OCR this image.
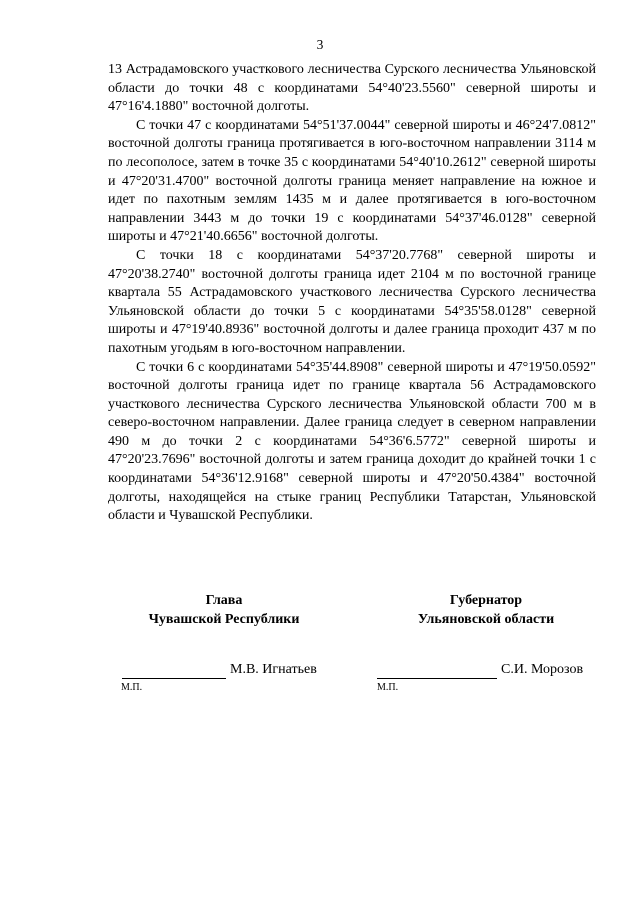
3

13 Астрадамовского участкового лесничества Сурского лесничества Ульяновской области до точки 48 с координатами 54°40'23.5560" северной широты и 47°16'4.1880" восточной долготы.

С точки 47 с координатами 54°51'37.0044" северной широты и 46°24'7.0812" восточной долготы граница протягивается в юго-восточном направлении 3114 м по лесополосе, затем в точке 35 с координатами 54°40'10.2612" северной широты и 47°20'31.4700" восточной долготы граница меняет направление на южное и идет по пахотным землям 1435 м и далее протягивается в юго-восточном направлении 3443 м до точки 19 с координатами 54°37'46.0128" северной широты и 47°21'40.6656" восточной долготы.

С точки 18 с координатами 54°37'20.7768" северной широты и 47°20'38.2740" восточной долготы граница идет 2104 м по восточной границе квартала 55 Астрадамовского участкового лесничества Сурского лесничества Ульяновской области до точки 5 с координатами 54°35'58.0128" северной широты и 47°19'40.8936" восточной долготы и далее граница проходит 437 м по пахотным угодьям в юго-восточном направлении.

С точки 6 с координатами 54°35'44.8908" северной широты и 47°19'50.0592" восточной долготы граница идет по границе квартала 56 Астрадамовского участкового лесничества Сурского лесничества Ульяновской области 700 м в северо-восточном направлении. Далее граница следует в северном направлении 490 м до точки 2 с координатами 54°36'6.5772" северной широты и 47°20'23.7696" восточной долготы и затем граница доходит до крайней точки 1 с координатами 54°36'12.9168" северной широты и 47°20'50.4384" восточной долготы, находящейся на стыке границ Республики Татарстан, Ульяновской области и Чувашской Республики.

Глава
Чувашской Республики
Губернатор
Ульяновской области
М.В. Игнатьев	С.И. Морозов
М.П.	М.П.
